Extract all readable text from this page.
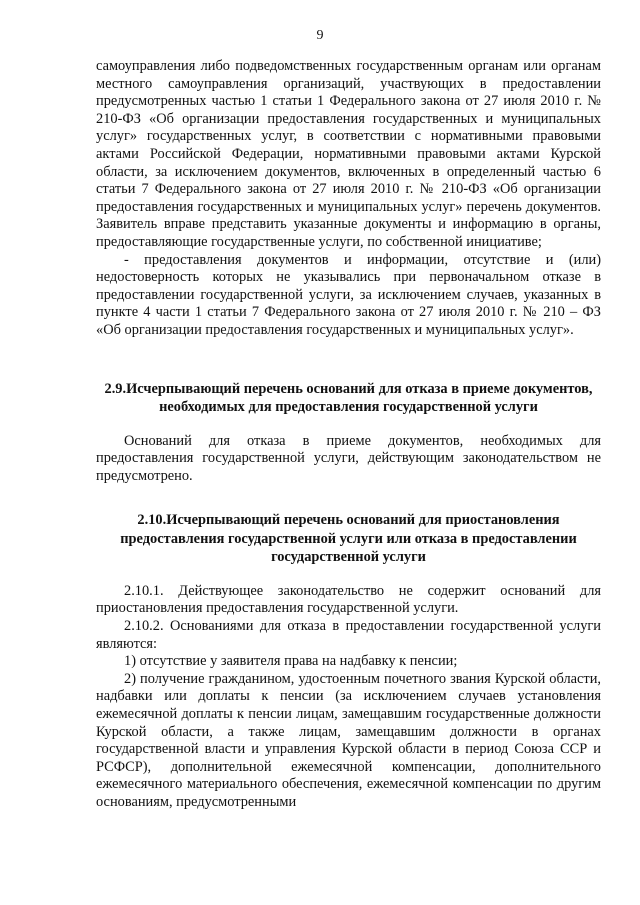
9

самоуправления либо подведомственных государственным органам или органам местного самоуправления организаций, участвующих в предоставлении предусмотренных частью 1 статьи 1 Федерального закона от 27 июля 2010 г. № 210-ФЗ «Об организации предоставления государственных и муниципальных услуг» государственных услуг, в соответствии с нормативными правовыми актами Российской Федерации, нормативными правовыми актами Курской области, за исключением документов, включенных в определенный частью 6 статьи 7 Федерального закона от 27 июля 2010 г. № 210-ФЗ «Об организации предоставления государственных и муниципальных услуг» перечень документов. Заявитель вправе представить указанные документы и информацию в органы, предоставляющие государственные услуги, по собственной инициативе;

- предоставления документов и информации, отсутствие и (или) недостоверность которых не указывались при первоначальном отказе в предоставлении государственной услуги, за исключением случаев, указанных в пункте 4 части 1 статьи 7 Федерального закона от 27 июля 2010 г. № 210 – ФЗ «Об организации предоставления государственных и муниципальных услуг».

2.9.Исчерпывающий перечень оснований для отказа в приеме документов, необходимых для предоставления государственной услуги

Оснований для отказа в приеме документов, необходимых для предоставления государственной услуги, действующим законодательством не предусмотрено.

2.10.Исчерпывающий перечень оснований для приостановления предоставления государственной услуги или отказа в предоставлении государственной услуги

2.10.1. Действующее законодательство не содержит оснований для приостановления предоставления государственной услуги.

2.10.2. Основаниями для отказа в предоставлении государственной услуги являются:

1) отсутствие у заявителя права на надбавку к пенсии;

2) получение гражданином, удостоенным почетного звания Курской области, надбавки или доплаты к пенсии (за исключением случаев установления ежемесячной доплаты к пенсии лицам, замещавшим государственные должности Курской области, а также лицам, замещавшим должности в органах государственной власти и управления Курской области в период Союза ССР и РСФСР), дополнительной ежемесячной компенсации, дополнительного ежемесячного материального обеспечения, ежемесячной компенсации по другим основаниям, предусмотренными
